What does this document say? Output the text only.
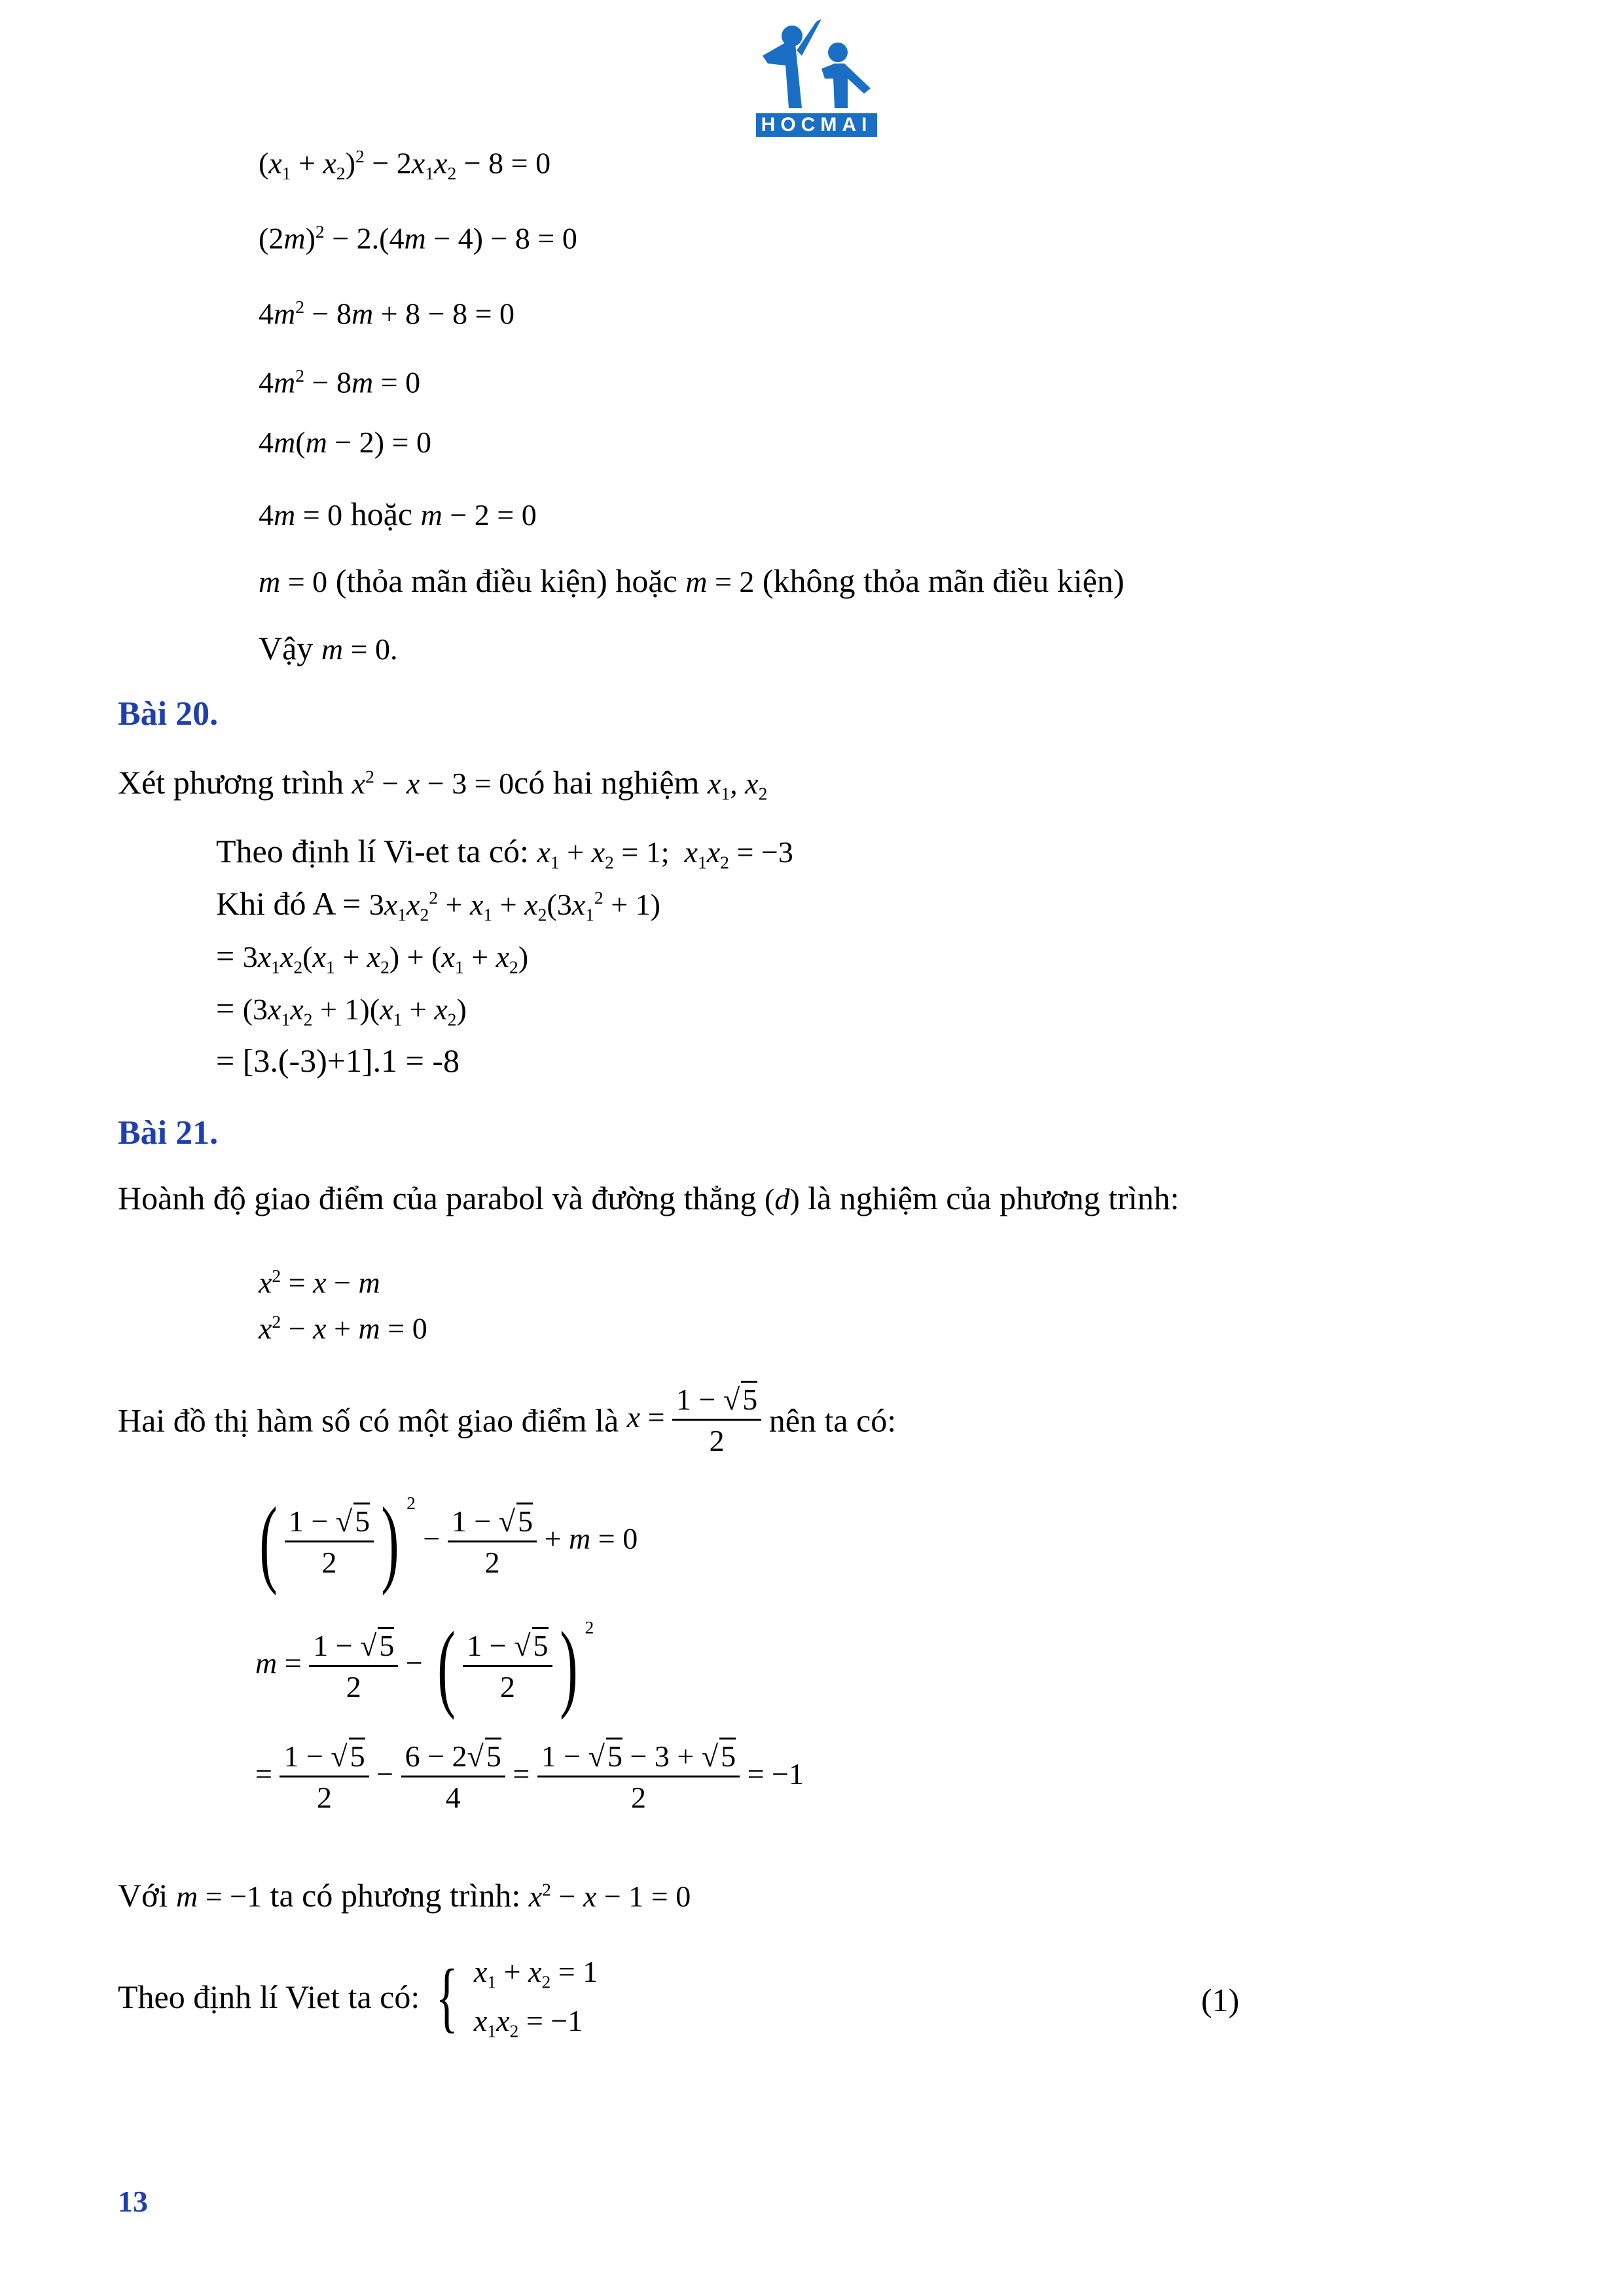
HOCMAI
$(x_1 + x_2)^2 - 2x_1x_2 - 8 = 0$
$(2m)^2 - 2.(4m - 4) - 8 = 0$
$4m^2 - 8m + 8 - 8 = 0$
$4m^2 - 8m = 0$
4m(m − 2) = 0
4m = 0 hoặc m − 2 = 0
m = 0 (thỏa mãn điều kiện) hoặc m = 2 (không thỏa mãn điều kiện)
Vậy m = 0.
Bài 20.
Xét phương trình $x^2 - x - 3$ = 0có hai nghiệm $x_1$, $x_2$
Theo định lí Vi-et ta có: $x_1 + x_2 = 1$;  $x_1x_2 = -3$
Khi đó $A = 3x_1x_2^2 + x_1 + x_2(3x_1^2 + 1)$
= $3x_1x_2(x_1 + x_2) + (x_1 + x_2)$
= $(3x_1x_2 + 1)(x_1 + x_2)$
= [3.(-3)+1].1 = -8
Bài 21.
Hoành độ giao điểm của parabol và đường thẳng (d) là nghiệm của phương trình:
$x^2 = x - m$
$x^2 - x + m = 0$
Hai đồ thị hàm số có một giao điểm là $x = \frac{1 - √5}{2}$ nên ta có:
( $\frac{1 - √5}{2}$ ) $^2 - \frac{1 - √5}{2} + m = 0$
$m = \frac{1 - √5}{2}$ − ( $\frac{1 - √5}{2}$ ) $^2$
= $\frac{1 - √5}{2} - \frac{6 - 2√5}{4} = \frac{1 - √5 - 3 + √5}{2} = -1$
Với m = −1 ta có phương trình: $x^2 - x - 1 = 0$
Theo định lí Viet ta có: { $x_1 + x_2 = 1$
$x_1x_2 = -1$
(1)
13
